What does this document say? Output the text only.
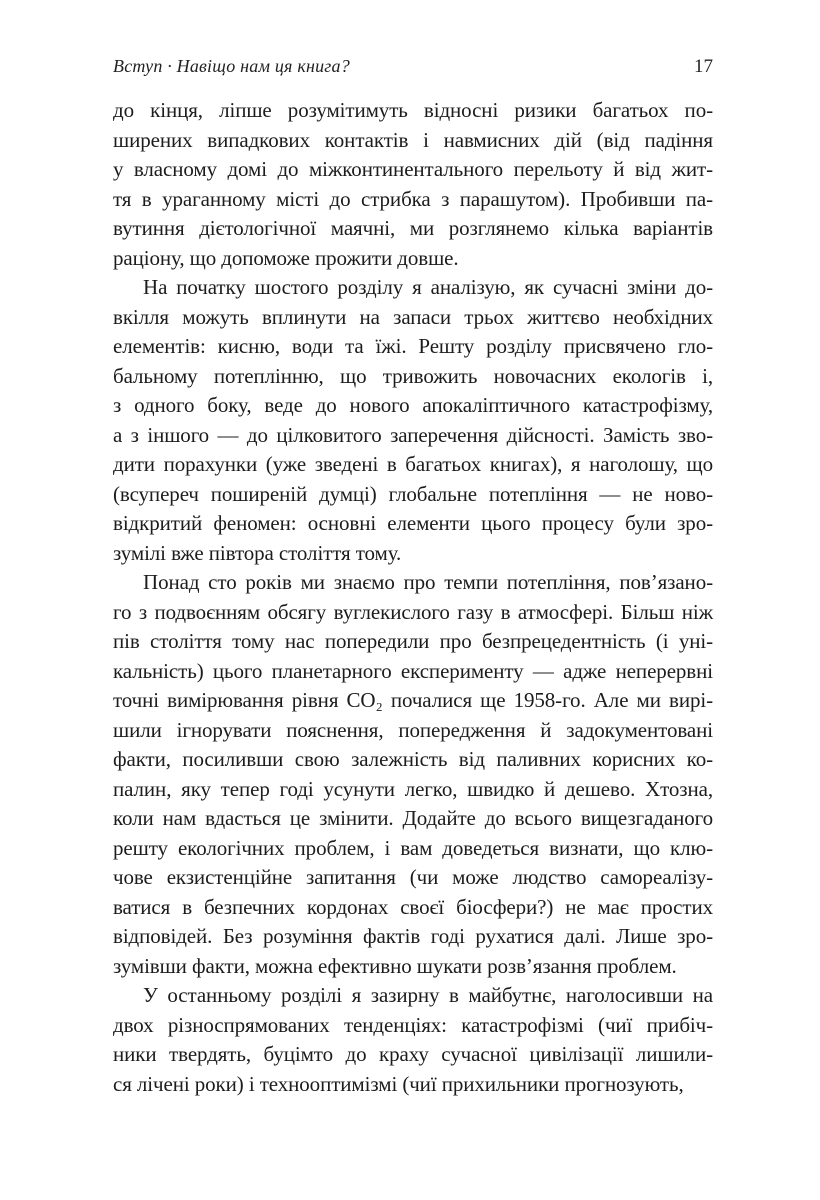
Вступ · Навіщо нам ця книга?	17
до кінця, ліпше розумітимуть відносні ризики багатьох по-
ширених випадкових контактів і навмисних дій (від падіння
у власному домі до міжконтинентального перельоту й від жит-
тя в ураганному місті до стрибка з парашутом). Пробивши па-
вутиння дієтологічної маячні, ми розглянемо кілька варіантів
раціону, що допоможе прожити довше.
На початку шостого розділу я аналізую, як сучасні зміни до-
вкілля можуть вплинути на запаси трьох життєво необхідних
елементів: кисню, води та їжі. Решту розділу присвячено гло-
бальному потеплінню, що тривожить новочасних екологів і,
з одного боку, веде до нового апокаліптичного катастрофізму,
а з іншого — до цілковитого заперечення дійсності. Замість зво-
дити порахунки (уже зведені в багатьох книгах), я наголошу, що
(всупереч поширеній думці) глобальне потепління — не ново-
відкритий феномен: основні елементи цього процесу були зро-
зумілі вже півтора століття тому.
Понад сто років ми знаємо про темпи потепління, пов’язано-
го з подвоєнням обсягу вуглекислого газу в атмосфері. Більш ніж
пів століття тому нас попередили про безпрецедентність (і уні-
кальність) цього планетарного експерименту — адже неперервні
точні вимірювання рівня CO₂ почалися ще 1958-го. Але ми вирі-
шили ігнорувати пояснення, попередження й задокументовані
факти, посиливши свою залежність від паливних корисних ко-
палин, яку тепер годі усунути легко, швидко й дешево. Хтозна,
коли нам вдасться це змінити. Додайте до всього вищезгаданого
решту екологічних проблем, і вам доведеться визнати, що клю-
чове екзистенційне запитання (чи може людство самореалізу-
ватися в безпечних кордонах своєї біосфери?) не має простих
відповідей. Без розуміння фактів годі рухатися далі. Лише зро-
зумівши факти, можна ефективно шукати розв’язання проблем.
У останньому розділі я зазирну в майбутнє, наголосивши на
двох різноспрямованих тенденціях: катастрофізмі (чиї прибіч-
ники твердять, буцімто до краху сучасної цивілізації лишили-
ся лічені роки) і технооптимізмі (чиї прихильники прогнозують,
